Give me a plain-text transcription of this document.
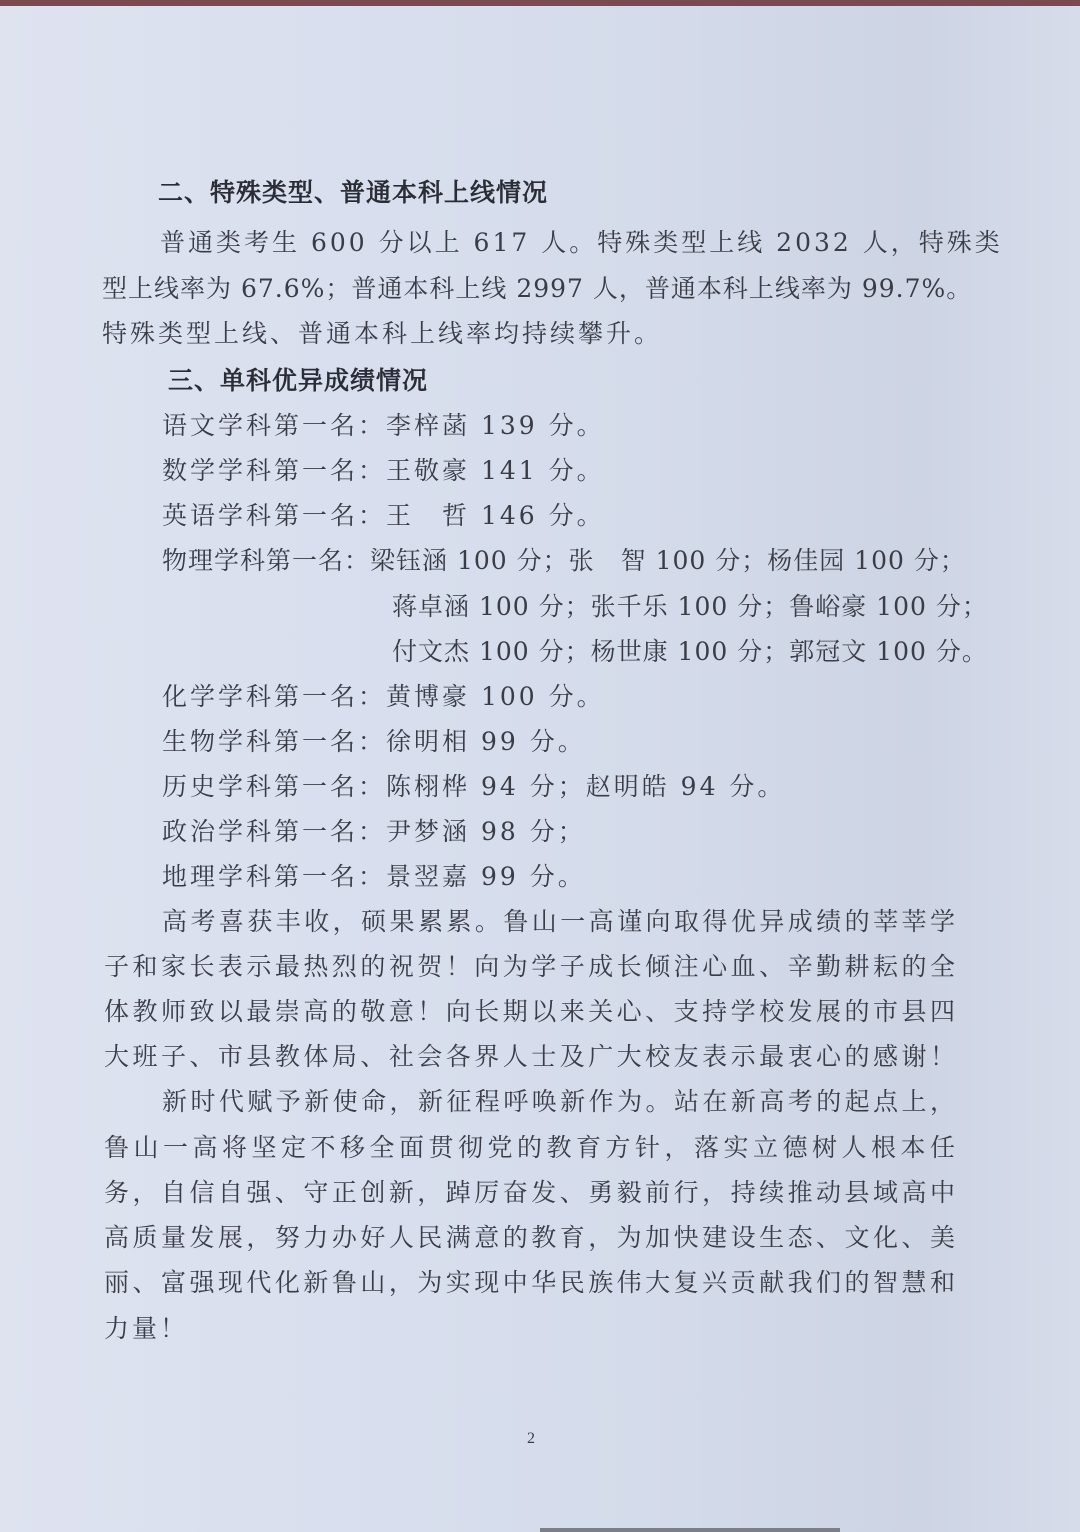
二、特殊类型、普通本科上线情况
普通类考生 600 分以上 617 人。特殊类型上线 2032 人，特殊类
型上线率为 67.6%；普通本科上线 2997 人，普通本科上线率为 99.7%。
特殊类型上线、普通本科上线率均持续攀升。
三、单科优异成绩情况
语文学科第一名：李梓菡 139 分。
数学学科第一名：王敬豪 141 分。
英语学科第一名：王　哲 146 分。
物理学科第一名：梁钰涵 100 分；张　智 100 分；杨佳园 100 分；
蒋卓涵 100 分；张千乐 100 分；鲁峪豪 100 分；
付文杰 100 分；杨世康 100 分；郭冠文 100 分。
化学学科第一名：黄博豪 100 分。
生物学科第一名：徐明相 99 分。
历史学科第一名：陈栩桦 94 分；赵明皓 94 分。
政治学科第一名：尹梦涵 98 分；
地理学科第一名：景翌嘉 99 分。
高考喜获丰收，硕果累累。鲁山一高谨向取得优异成绩的莘莘学
子和家长表示最热烈的祝贺！向为学子成长倾注心血、辛勤耕耘的全
体教师致以最崇高的敬意！向长期以来关心、支持学校发展的市县四
大班子、市县教体局、社会各界人士及广大校友表示最衷心的感谢！
新时代赋予新使命，新征程呼唤新作为。站在新高考的起点上，
鲁山一高将坚定不移全面贯彻党的教育方针，落实立德树人根本任
务，自信自强、守正创新，踔厉奋发、勇毅前行，持续推动县域高中
高质量发展，努力办好人民满意的教育，为加快建设生态、文化、美
丽、富强现代化新鲁山，为实现中华民族伟大复兴贡献我们的智慧和
力量！
2
